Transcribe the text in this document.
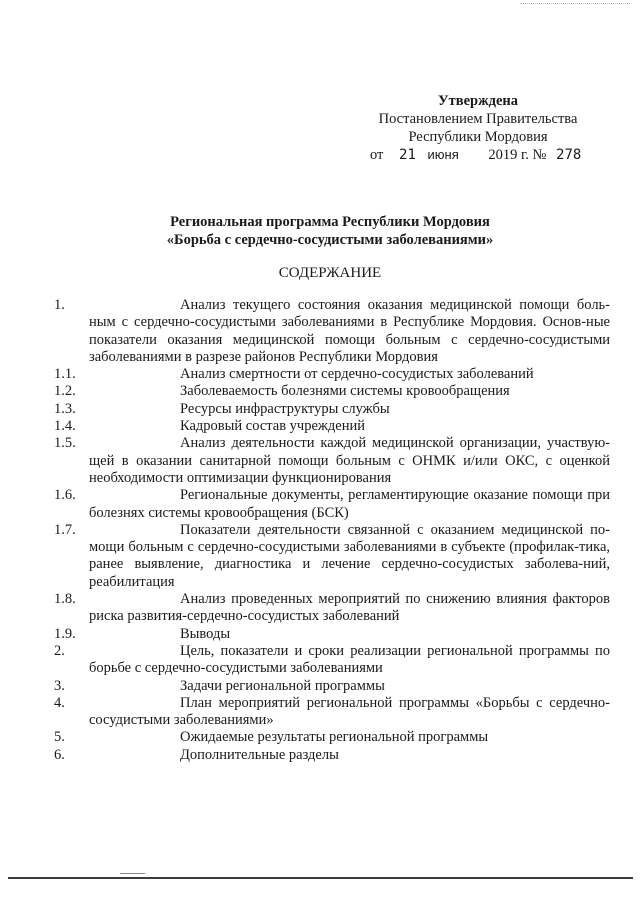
Утверждена
Постановлением Правительства
Республики Мордовия
от 21 июня 2019 г. № 278
Региональная программа Республики Мордовия
«Борьба с сердечно-сосудистыми заболеваниями»
СОДЕРЖАНИЕ

1.	Анализ текущего состояния оказания медицинской помощи боль-ным с сердечно-сосудистыми заболеваниями в Республике Мордовия. Основ-ные показатели оказания медицинской помощи больным с сердечно-сосудистыми заболеваниями в разрезе районов Республики Мордовия

1.1.	Анализ смертности от сердечно-сосудистых заболеваний

1.2.	Заболеваемость болезнями системы кровообращения

1.3.	Ресурсы инфраструктуры службы

1.4.	Кадровый состав учреждений

1.5.	Анализ деятельности каждой медицинской организации, участвую-щей в оказании санитарной помощи больным с ОНМК и/или ОКС, с оценкой необходимости оптимизации функционирования

1.6.	Региональные документы, регламентирующие оказание помощи при болезнях системы кровообращения (БСК)

1.7.	Показатели деятельности связанной с оказанием медицинской по-мощи больным с сердечно-сосудистыми заболеваниями в субъекте (профилак-тика, ранее выявление, диагностика и лечение сердечно-сосудистых заболева-ний, реабилитация

1.8.	Анализ проведенных мероприятий по снижению влияния факторов риска развития-сердечно-сосудистых заболеваний

1.9.	Выводы

2.	Цель, показатели и сроки реализации региональной программы по борьбе с сердечно-сосудистыми заболеваниями

3.	Задачи региональной программы

4.	План мероприятий региональной программы «Борьбы с сердечно-сосудистыми заболеваниями»

5.	Ожидаемые результаты региональной программы

6.	Дополнительные разделы
